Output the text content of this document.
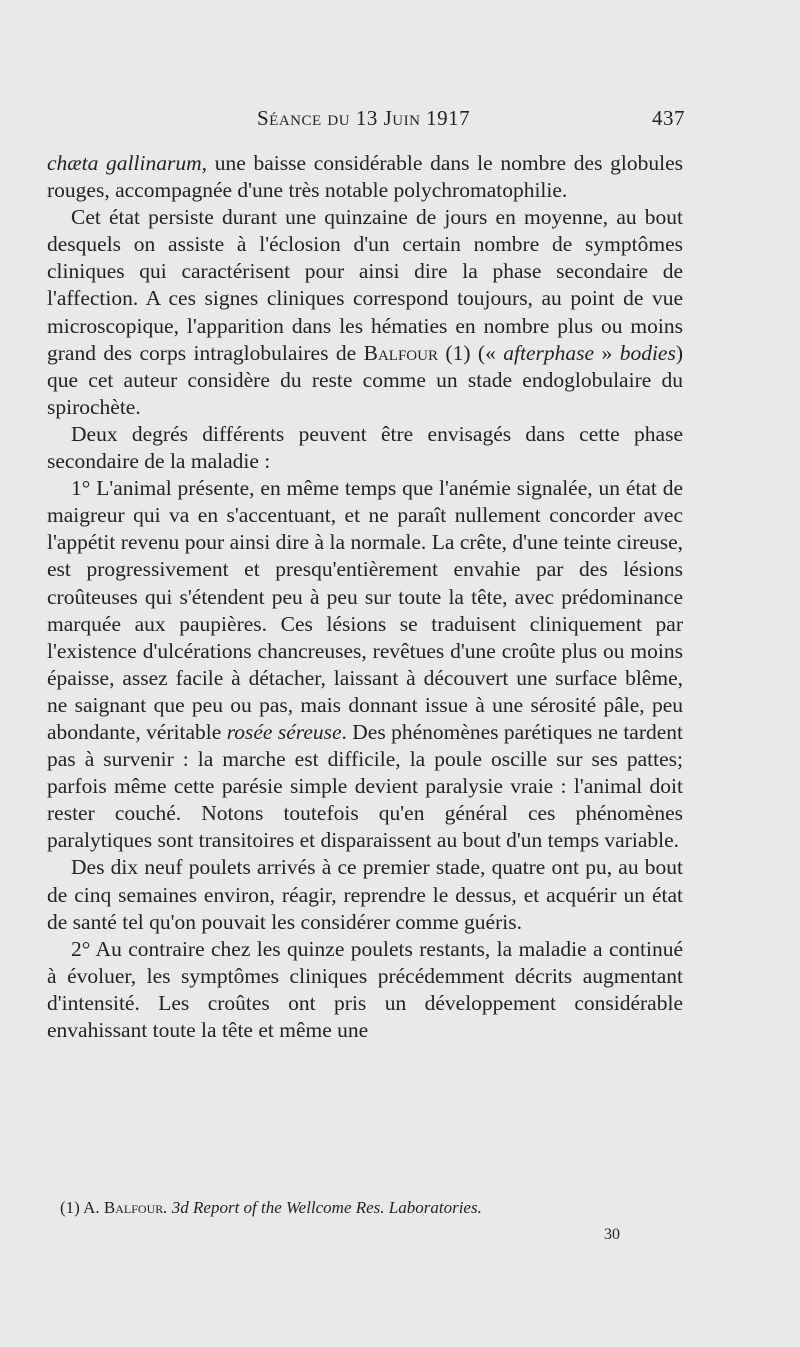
Séance du 13 Juin 1917	437

chæta gallinarum, une baisse considérable dans le nombre des globules rouges, accompagnée d'une très notable polychromatophilie.

Cet état persiste durant une quinzaine de jours en moyenne, au bout desquels on assiste à l'éclosion d'un certain nombre de symptômes cliniques qui caractérisent pour ainsi dire la phase secondaire de l'affection. A ces signes cliniques correspond toujours, au point de vue microscopique, l'apparition dans les hématies en nombre plus ou moins grand des corps intraglobulaires de Balfour (1) (« afterphase » bodies) que cet auteur considère du reste comme un stade endoglobulaire du spirochète.

Deux degrés différents peuvent être envisagés dans cette phase secondaire de la maladie :

1° L'animal présente, en même temps que l'anémie signalée, un état de maigreur qui va en s'accentuant, et ne paraît nullement concorder avec l'appétit revenu pour ainsi dire à la normale. La crête, d'une teinte cireuse, est progressivement et presqu'entièrement envahie par des lésions croûteuses qui s'étendent peu à peu sur toute la tête, avec prédominance marquée aux paupières. Ces lésions se traduisent cliniquement par l'existence d'ulcérations chancreuses, revêtues d'une croûte plus ou moins épaisse, assez facile à détacher, laissant à découvert une surface blême, ne saignant que peu ou pas, mais donnant issue à une sérosité pâle, peu abondante, véritable rosée séreuse. Des phénomènes parétiques ne tardent pas à survenir : la marche est difficile, la poule oscille sur ses pattes; parfois même cette parésie simple devient paralysie vraie : l'animal doit rester couché. Notons toutefois qu'en général ces phénomènes paralytiques sont transitoires et disparaissent au bout d'un temps variable.

Des dix neuf poulets arrivés à ce premier stade, quatre ont pu, au bout de cinq semaines environ, réagir, reprendre le dessus, et acquérir un état de santé tel qu'on pouvait les considérer comme guéris.

2° Au contraire chez les quinze poulets restants, la maladie a continué à évoluer, les symptômes cliniques précédemment décrits augmentant d'intensité. Les croûtes ont pris un développement considérable envahissant toute la tête et même une

(1) A. Balfour. 3d Report of the Wellcome Res. Laboratories.
30
